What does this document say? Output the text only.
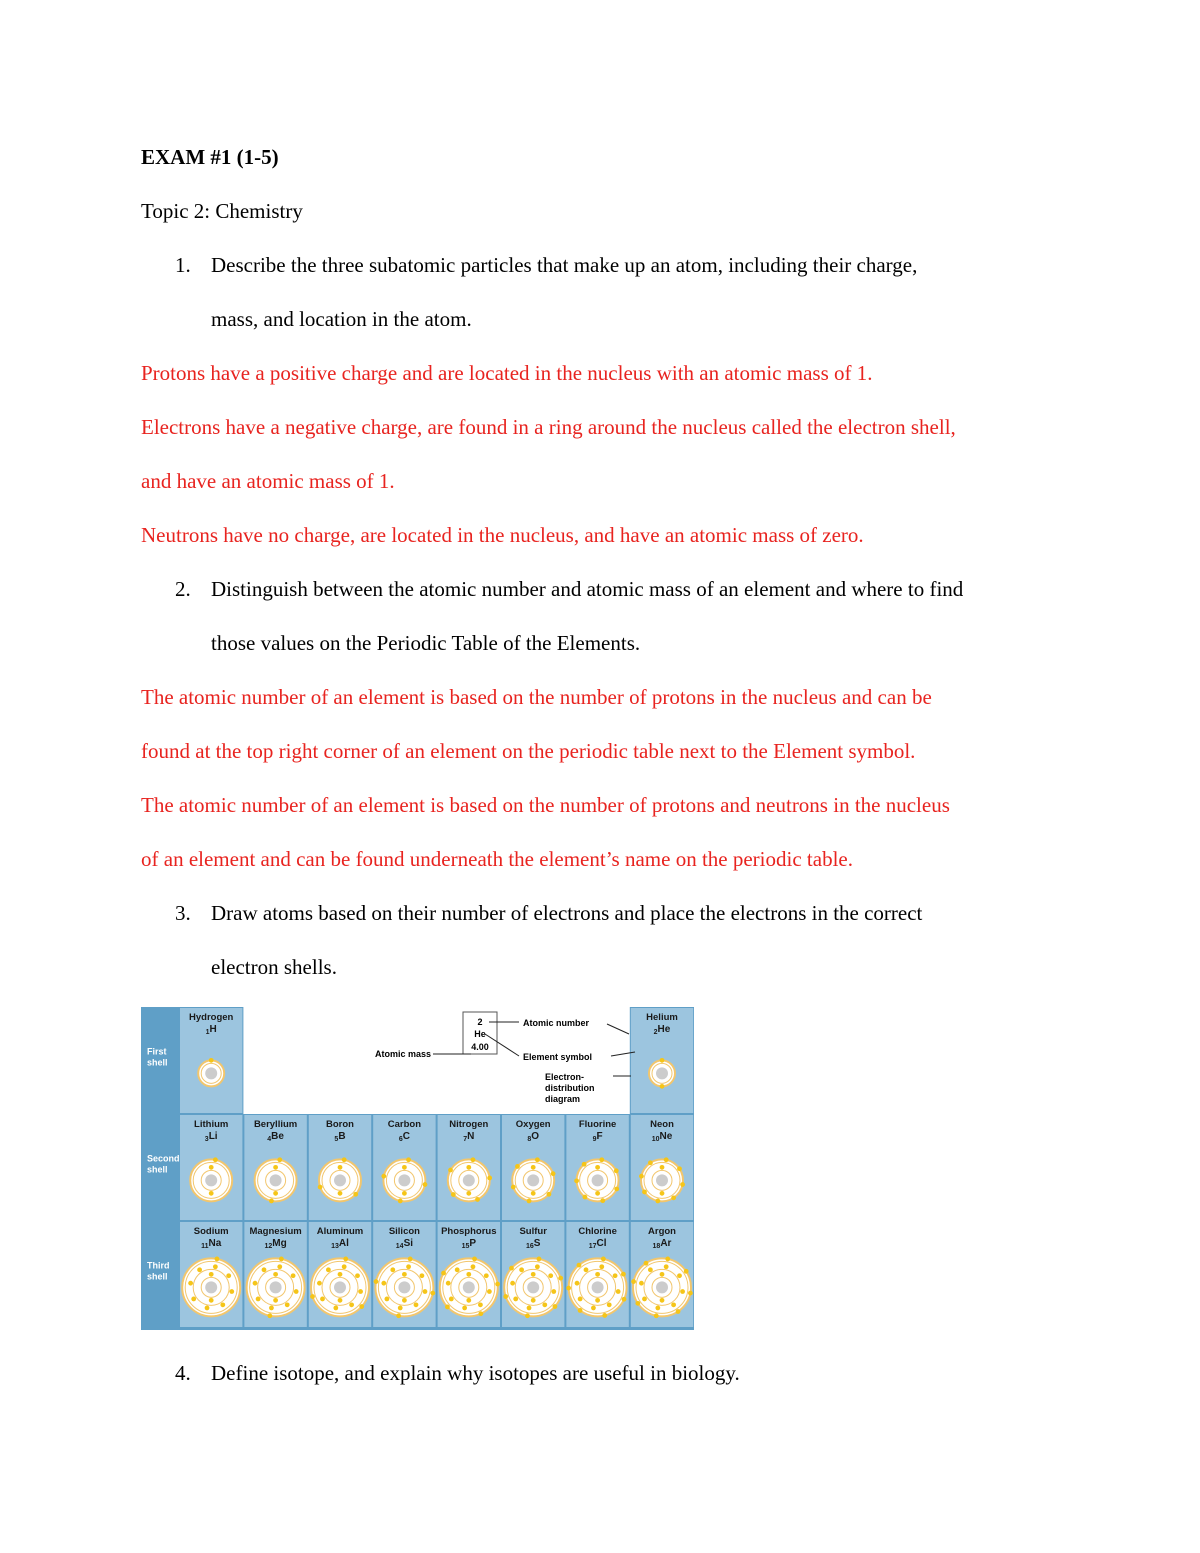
EXAM #1 (1-5)
Topic 2: Chemistry
1. Describe the three subatomic particles that make up an atom, including their charge,
mass, and location in the atom.
Protons have a positive charge and are located in the nucleus with an atomic mass of 1.
Electrons have a negative charge, are found in a ring around the nucleus called the electron shell,
and have an atomic mass of 1.
Neutrons have no charge, are located in the nucleus, and have an atomic mass of zero.
2. Distinguish between the atomic number and atomic mass of an element and where to find
those values on the Periodic Table of the Elements.
The atomic number of an element is based on the number of protons in the nucleus and can be
found at the top right corner of an element on the periodic table next to the Element symbol.
The atomic number of an element is based on the number of protons and neutrons in the nucleus
of an element and can be found underneath the element’s name on the periodic table.
3. Draw atoms based on their number of electrons and place the electrons in the correct
electron shells.
First
shell
Second
shell
Third
shell
Hydrogen
$_1$H
Helium
$_2$He
Lithium
$_3$Li
Beryllium
$_4$Be
Boron
$_5$B
Carbon
$_6$C
Nitrogen
$_7$N
Oxygen
$_8$O
Fluorine
$_9$F
Neon
$_{10}$Ne
Sodium
$_{11}$Na
Magnesium
$_{12}$Mg
Aluminum
$_{13}$Al
Silicon
$_{14}$Si
Phosphorus
$_{15}$P
Sulfur
$_{16}$S
Chlorine
$_{17}$Cl
Argon
$_{18}$Ar
2
He
4.00
Atomic number
Atomic mass	Element symbol
Electron-
distribution
diagram
4. Define isotope, and explain why isotopes are useful in biology.
